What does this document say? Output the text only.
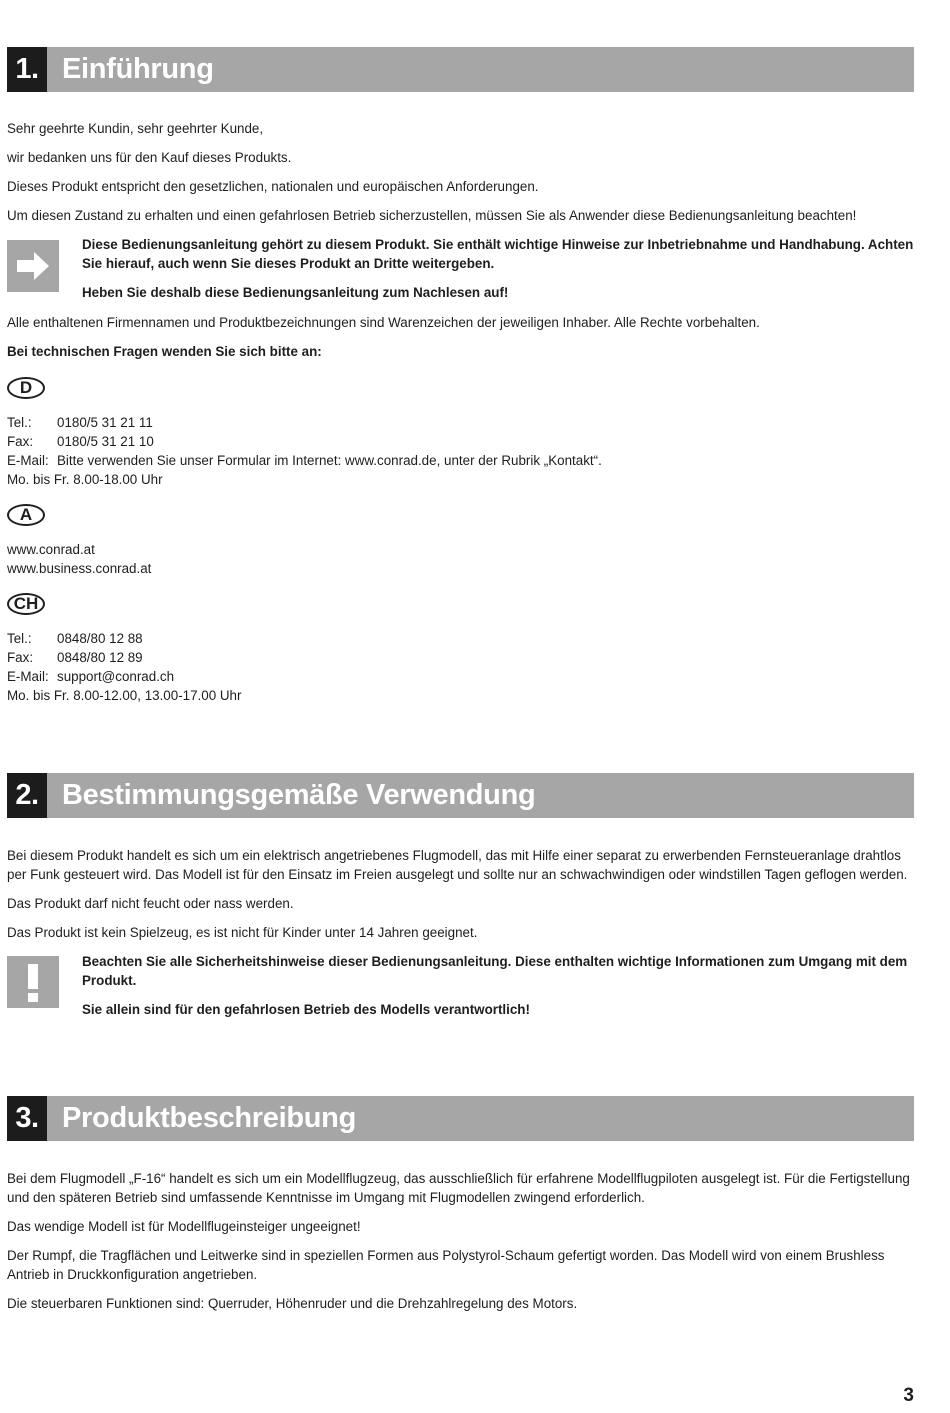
1. Einführung

Sehr geehrte Kundin, sehr geehrter Kunde,

wir bedanken uns für den Kauf dieses Produkts.

Dieses Produkt entspricht den gesetzlichen, nationalen und europäischen Anforderungen.

Um diesen Zustand zu erhalten und einen gefahrlosen Betrieb sicherzustellen, müssen Sie als Anwender diese Bedienungsanleitung beachten!

Diese Bedienungsanleitung gehört zu diesem Produkt. Sie enthält wichtige Hinweise zur Inbetriebnahme und Handhabung. Achten Sie hierauf, auch wenn Sie dieses Produkt an Dritte weitergeben.

Heben Sie deshalb diese Bedienungsanleitung zum Nachlesen auf!

Alle enthaltenen Firmennamen und Produktbezeichnungen sind Warenzeichen der jeweiligen Inhaber. Alle Rechte vorbehalten.

Bei technischen Fragen wenden Sie sich bitte an:

D
Tel.:	0180/5 31 21 11
Fax:	0180/5 31 21 10
E-Mail: Bitte verwenden Sie unser Formular im Internet: www.conrad.de, unter der Rubrik „Kontakt“.
Mo. bis Fr. 8.00-18.00 Uhr
A
www.conrad.at
www.business.conrad.at
CH
Tel.:	0848/80 12 88
Fax:	0848/80 12 89
E-Mail: support@conrad.ch
Mo. bis Fr. 8.00-12.00, 13.00-17.00 Uhr
2. Bestimmungsgemäße Verwendung

Bei diesem Produkt handelt es sich um ein elektrisch angetriebenes Flugmodell, das mit Hilfe einer separat zu erwerbenden Fernsteueranlage drahtlos per Funk gesteuert wird. Das Modell ist für den Einsatz im Freien ausgelegt und sollte nur an schwachwindigen oder windstillen Tagen geflogen werden.

Das Produkt darf nicht feucht oder nass werden.

Das Produkt ist kein Spielzeug, es ist nicht für Kinder unter 14 Jahren geeignet.

Beachten Sie alle Sicherheitshinweise dieser Bedienungsanleitung. Diese enthalten wichtige Informationen zum Umgang mit dem Produkt.

Sie allein sind für den gefahrlosen Betrieb des Modells verantwortlich!

3. Produktbeschreibung

Bei dem Flugmodell „F-16“ handelt es sich um ein Modellflugzeug, das ausschließlich für erfahrene Modellflugpiloten ausgelegt ist. Für die Fertigstellung und den späteren Betrieb sind umfassende Kenntnisse im Umgang mit Flugmodellen zwingend erforderlich.

Das wendige Modell ist für Modellflugeinsteiger ungeeignet!

Der Rumpf, die Tragflächen und Leitwerke sind in speziellen Formen aus Polystyrol-Schaum gefertigt worden. Das Modell wird von einem Brushless Antrieb in Druckkonfiguration angetrieben.

Die steuerbaren Funktionen sind: Querruder, Höhenruder und die Drehzahlregelung des Motors.

3
